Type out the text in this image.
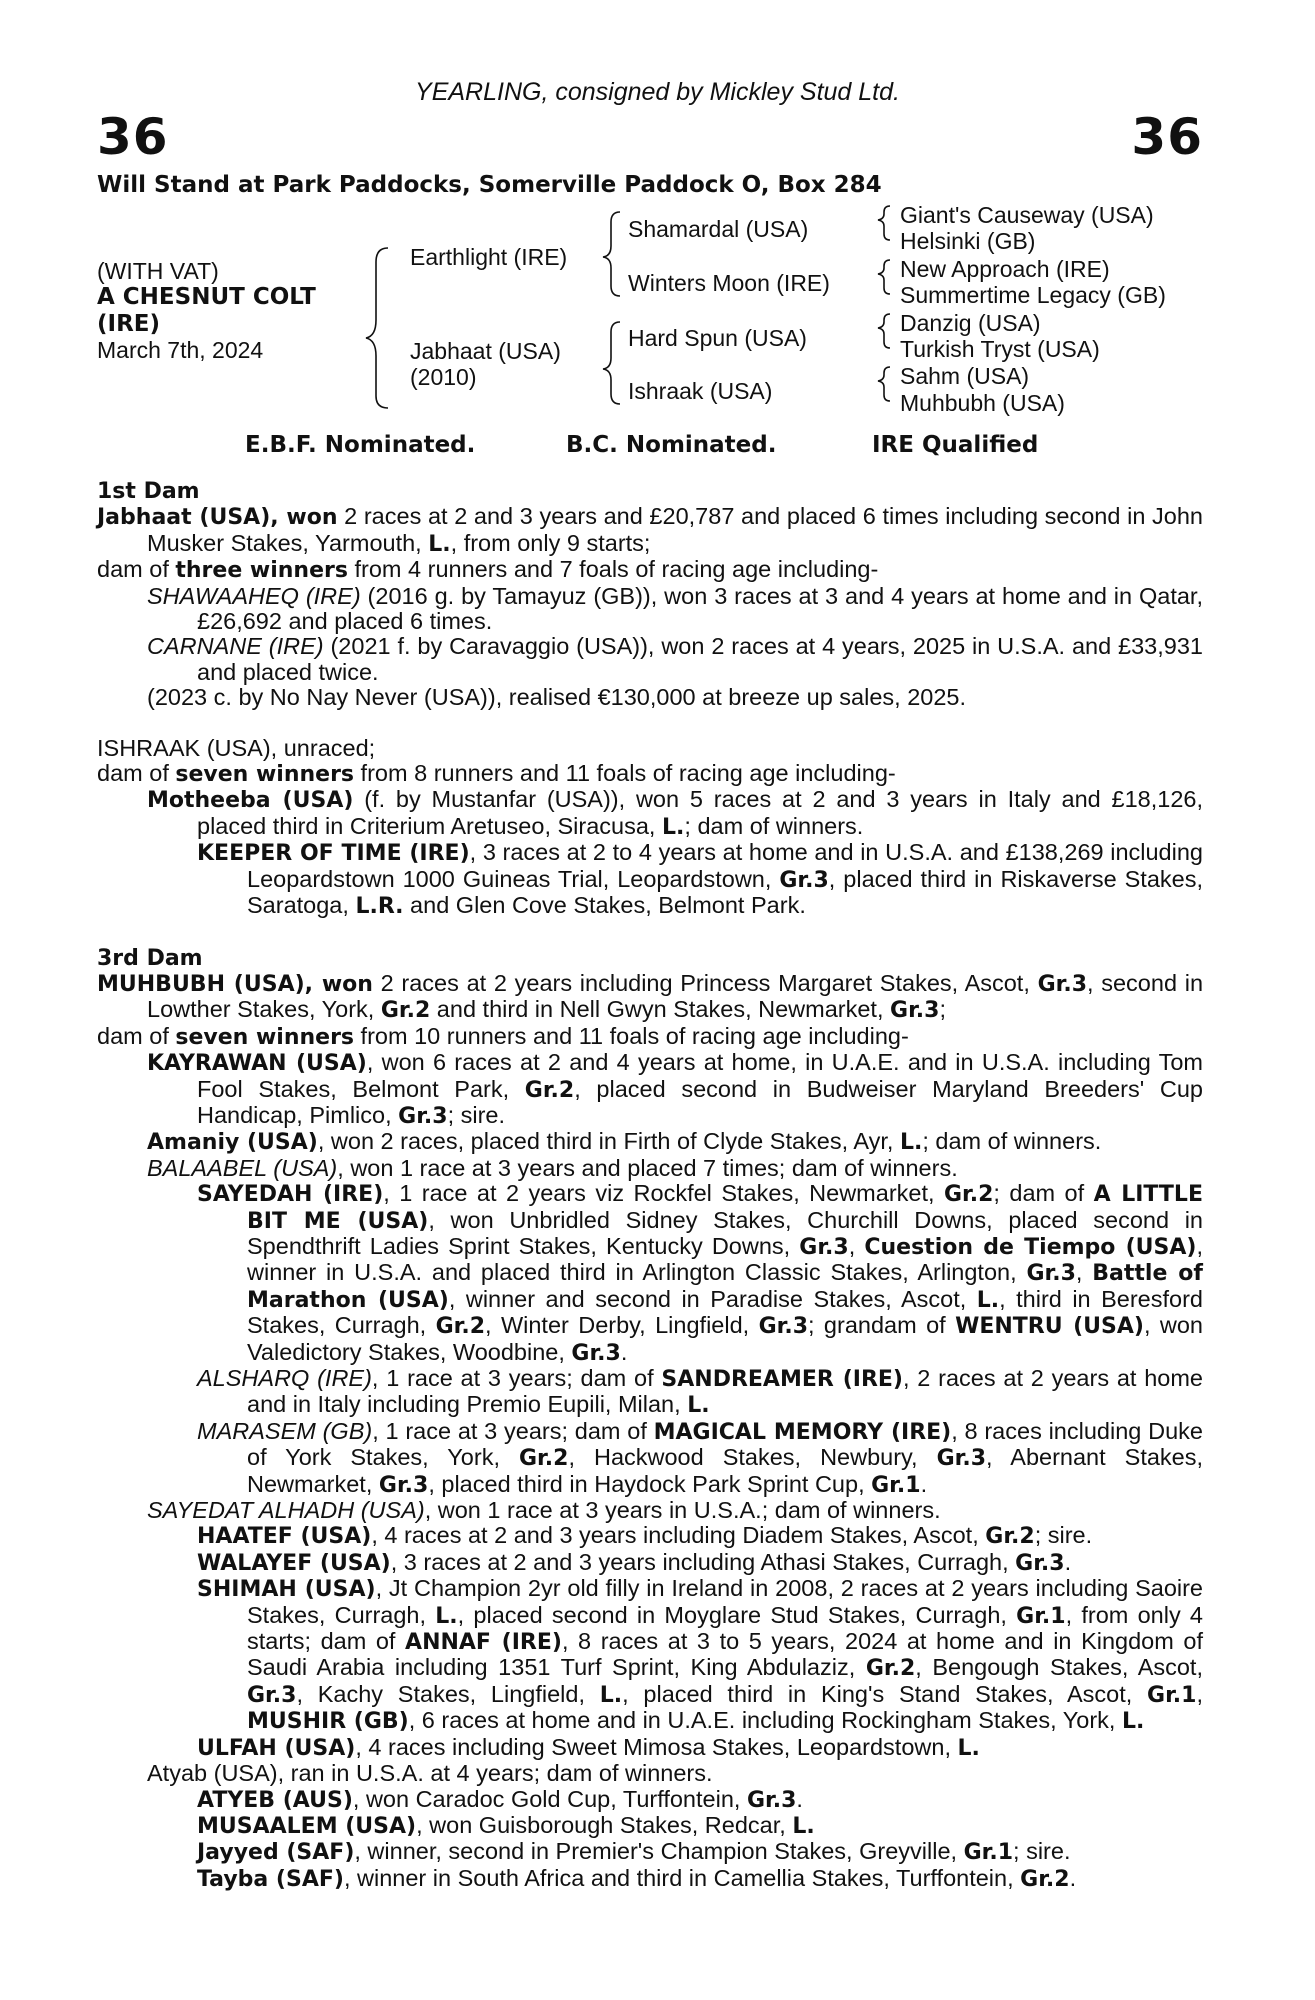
YEARLING, consigned by Mickley Stud Ltd.
36	36
Will Stand at Park Paddocks, Somerville Paddock O, Box 284
(WITH VAT)
A CHESNUT COLT
(IRE)
March 7th, 2024
Earthlight (IRE)
Jabhaat (USA)
(2010)
Shamardal (USA)
Winters Moon (IRE)
Hard Spun (USA)
Ishraak (USA)
Giant's Causeway (USA)
Helsinki (GB)
New Approach (IRE)
Summertime Legacy (GB)
Danzig (USA)
Turkish Tryst (USA)
Sahm (USA)
Muhbubh (USA)
E.B.F. Nominated.	B.C. Nominated.	IRE Qualified

1st Dam

Jabhaat (USA), won 2 races at 2 and 3 years and £20,787 and placed 6 times including second in John Musker Stakes, Yarmouth, L., from only 9 starts;

dam of three winners from 4 runners and 7 foals of racing age including-

SHAWAAHEQ (IRE) (2016 g. by Tamayuz (GB)), won 3 races at 3 and 4 years at home and in Qatar, £26,692 and placed 6 times.

CARNANE (IRE) (2021 f. by Caravaggio (USA)), won 2 races at 4 years, 2025 in U.S.A. and £33,931 and placed twice.

(2023 c. by No Nay Never (USA)), realised €130,000 at breeze up sales, 2025.

ISHRAAK (USA), unraced;

dam of seven winners from 8 runners and 11 foals of racing age including-

Motheeba (USA) (f. by Mustanfar (USA)), won 5 races at 2 and 3 years in Italy and £18,126, placed third in Criterium Aretuseo, Siracusa, L.; dam of winners.

KEEPER OF TIME (IRE), 3 races at 2 to 4 years at home and in U.S.A. and £138,269 including Leopardstown 1000 Guineas Trial, Leopardstown, Gr.3, placed third in Riskaverse Stakes, Saratoga, L.R. and Glen Cove Stakes, Belmont Park.

3rd Dam

MUHBUBH (USA), won 2 races at 2 years including Princess Margaret Stakes, Ascot, Gr.3, second in Lowther Stakes, York, Gr.2 and third in Nell Gwyn Stakes, Newmarket, Gr.3;

dam of seven winners from 10 runners and 11 foals of racing age including-

KAYRAWAN (USA), won 6 races at 2 and 4 years at home, in U.A.E. and in U.S.A. including Tom Fool Stakes, Belmont Park, Gr.2, placed second in Budweiser Maryland Breeders' Cup Handicap, Pimlico, Gr.3; sire.

Amaniy (USA), won 2 races, placed third in Firth of Clyde Stakes, Ayr, L.; dam of winners.

BALAABEL (USA), won 1 race at 3 years and placed 7 times; dam of winners.

SAYEDAH (IRE), 1 race at 2 years viz Rockfel Stakes, Newmarket, Gr.2; dam of A LITTLE BIT ME (USA), won Unbridled Sidney Stakes, Churchill Downs, placed second in Spendthrift Ladies Sprint Stakes, Kentucky Downs, Gr.3, Cuestion de Tiempo (USA), winner in U.S.A. and placed third in Arlington Classic Stakes, Arlington, Gr.3, Battle of Marathon (USA), winner and second in Paradise Stakes, Ascot, L., third in Beresford Stakes, Curragh, Gr.2, Winter Derby, Lingfield, Gr.3; grandam of WENTRU (USA), won Valedictory Stakes, Woodbine, Gr.3.

ALSHARQ (IRE), 1 race at 3 years; dam of SANDREAMER (IRE), 2 races at 2 years at home and in Italy including Premio Eupili, Milan, L.

MARASEM (GB), 1 race at 3 years; dam of MAGICAL MEMORY (IRE), 8 races including Duke of York Stakes, York, Gr.2, Hackwood Stakes, Newbury, Gr.3, Abernant Stakes, Newmarket, Gr.3, placed third in Haydock Park Sprint Cup, Gr.1.

SAYEDAT ALHADH (USA), won 1 race at 3 years in U.S.A.; dam of winners.

HAATEF (USA), 4 races at 2 and 3 years including Diadem Stakes, Ascot, Gr.2; sire.

WALAYEF (USA), 3 races at 2 and 3 years including Athasi Stakes, Curragh, Gr.3.

SHIMAH (USA), Jt Champion 2yr old filly in Ireland in 2008, 2 races at 2 years including Saoire Stakes, Curragh, L., placed second in Moyglare Stud Stakes, Curragh, Gr.1, from only 4 starts; dam of ANNAF (IRE), 8 races at 3 to 5 years, 2024 at home and in Kingdom of Saudi Arabia including 1351 Turf Sprint, King Abdulaziz, Gr.2, Bengough Stakes, Ascot, Gr.3, Kachy Stakes, Lingfield, L., placed third in King's Stand Stakes, Ascot, Gr.1, MUSHIR (GB), 6 races at home and in U.A.E. including Rockingham Stakes, York, L.

ULFAH (USA), 4 races including Sweet Mimosa Stakes, Leopardstown, L.

Atyab (USA), ran in U.S.A. at 4 years; dam of winners.

ATYEB (AUS), won Caradoc Gold Cup, Turffontein, Gr.3.

MUSAALEM (USA), won Guisborough Stakes, Redcar, L.

Jayyed (SAF), winner, second in Premier's Champion Stakes, Greyville, Gr.1; sire.

Tayba (SAF), winner in South Africa and third in Camellia Stakes, Turffontein, Gr.2.
